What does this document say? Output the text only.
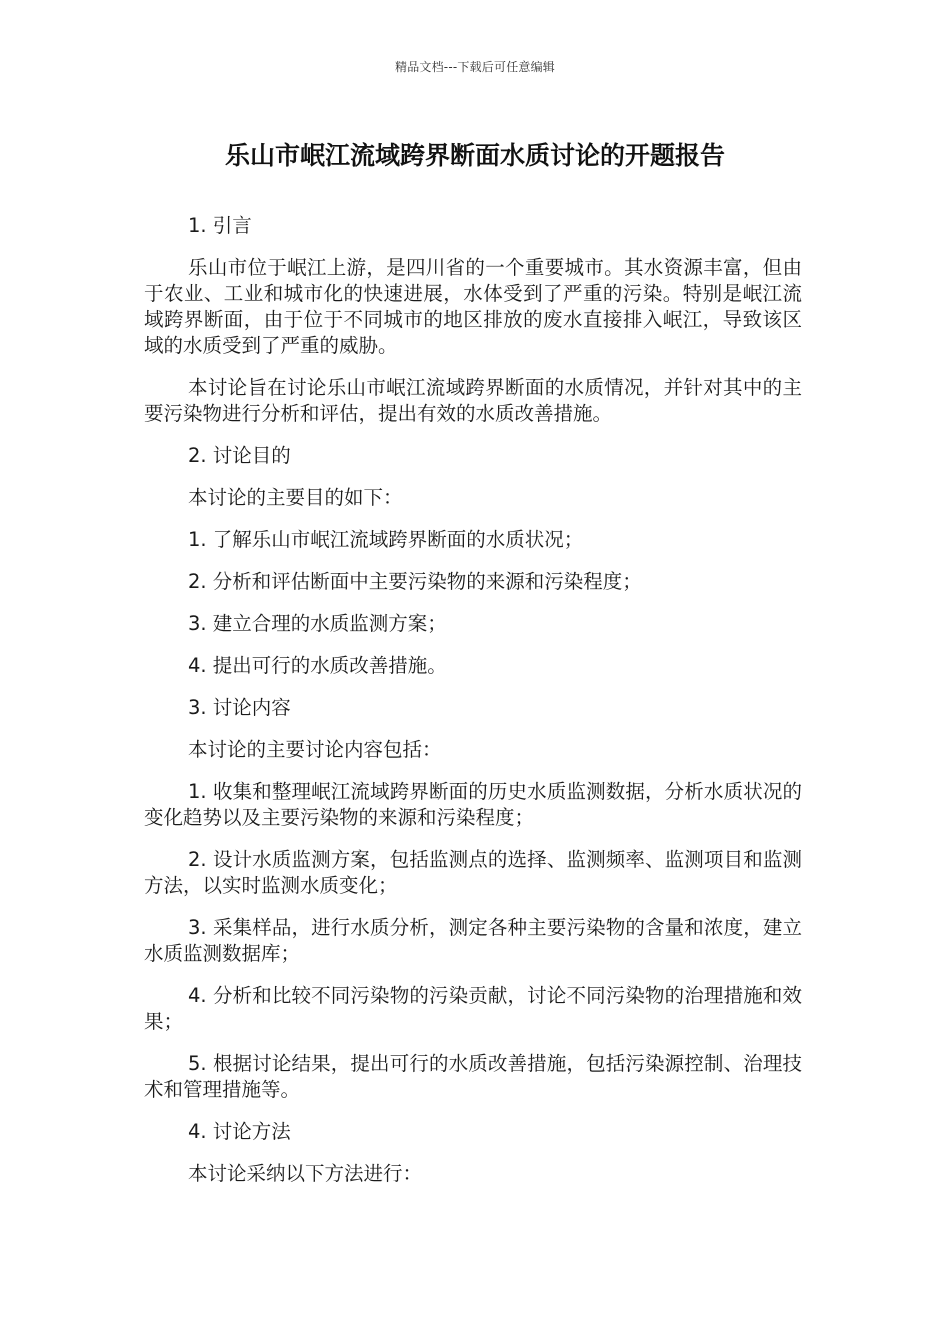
精品文档---下载后可任意编辑
乐山市岷江流域跨界断面水质讨论的开题报告

1. 引言

乐山市位于岷江上游，是四川省的一个重要城市。其水资源丰富，但由于农业、工业和城市化的快速进展，水体受到了严重的污染。特别是岷江流域跨界断面，由于位于不同城市的地区排放的废水直接排入岷江，导致该区域的水质受到了严重的威胁。

本讨论旨在讨论乐山市岷江流域跨界断面的水质情况，并针对其中的主要污染物进行分析和评估，提出有效的水质改善措施。

2. 讨论目的

本讨论的主要目的如下：

1. 了解乐山市岷江流域跨界断面的水质状况；

2. 分析和评估断面中主要污染物的来源和污染程度；

3. 建立合理的水质监测方案；

4. 提出可行的水质改善措施。

3. 讨论内容

本讨论的主要讨论内容包括：

1. 收集和整理岷江流域跨界断面的历史水质监测数据，分析水质状况的变化趋势以及主要污染物的来源和污染程度；

2. 设计水质监测方案，包括监测点的选择、监测频率、监测项目和监测方法，以实时监测水质变化；

3. 采集样品，进行水质分析，测定各种主要污染物的含量和浓度，建立水质监测数据库；

4. 分析和比较不同污染物的污染贡献，讨论不同污染物的治理措施和效果；

5. 根据讨论结果，提出可行的水质改善措施，包括污染源控制、治理技术和管理措施等。

4. 讨论方法

本讨论采纳以下方法进行：
